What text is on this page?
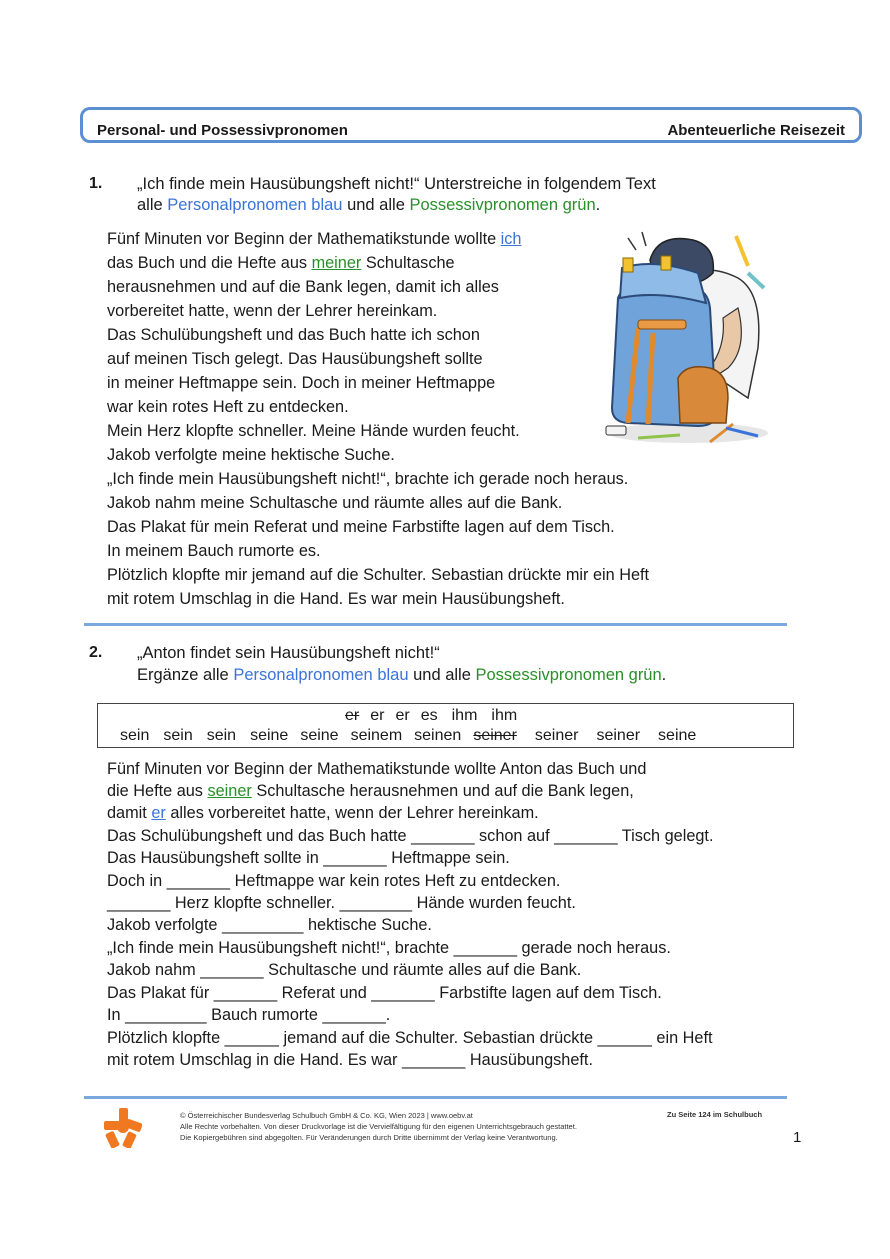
Personal- und Possessivpronomen	Abenteuerliche Reisezeit
1. „Ich finde mein Hausübungsheft nicht!“ Unterstreiche in folgendem Text
alle Personalpronomen blau und alle Possessivpronomen grün.
Fünf Minuten vor Beginn der Mathematikstunde wollte ich
das Buch und die Hefte aus meiner Schultasche
herausnehmen und auf die Bank legen, damit ich alles
vorbereitet hatte, wenn der Lehrer hereinkam.
Das Schulübungsheft und das Buch hatte ich schon
auf meinen Tisch gelegt. Das Hausübungsheft sollte
in meiner Heftmappe sein. Doch in meiner Heftmappe
war kein rotes Heft zu entdecken.
Mein Herz klopfte schneller. Meine Hände wurden feucht.
Jakob verfolgte meine hektische Suche.
„Ich finde mein Hausübungsheft nicht!“, brachte ich gerade noch heraus.
Jakob nahm meine Schultasche und räumte alles auf die Bank.
Das Plakat für mein Referat und meine Farbstifte lagen auf dem Tisch.
In meinem Bauch rumorte es.
Plötzlich klopfte mir jemand auf die Schulter. Sebastian drückte mir ein Heft
mit rotem Umschlag in die Hand. Es war mein Hausübungsheft.
2. „Anton findet sein Hausübungsheft nicht!“
Ergänze alle Personalpronomen blau und alle Possessivpronomen grün.
er er er es ihm ihm
sein sein sein seine seine seinem seinen seiner seiner seiner seine
Fünf Minuten vor Beginn der Mathematikstunde wollte Anton das Buch und
die Hefte aus seiner Schultasche herausnehmen und auf die Bank legen,
damit er alles vorbereitet hatte, wenn der Lehrer hereinkam.
Das Schulübungsheft und das Buch hatte _______ schon auf _______ Tisch gelegt.
Das Hausübungsheft sollte in _______ Heftmappe sein.
Doch in _______ Heftmappe war kein rotes Heft zu entdecken.
_______ Herz klopfte schneller. ________ Hände wurden feucht.
Jakob verfolgte _________ hektische Suche.
„Ich finde mein Hausübungsheft nicht!“, brachte _______ gerade noch heraus.
Jakob nahm _______ Schultasche und räumte alles auf die Bank.
Das Plakat für _______ Referat und _______ Farbstifte lagen auf dem Tisch.
In _________ Bauch rumorte _______.
Plötzlich klopfte ______ jemand auf die Schulter. Sebastian drückte ______ ein Heft
mit rotem Umschlag in die Hand. Es war _______ Hausübungsheft.
© Österreichischer Bundesverlag Schulbuch GmbH & Co. KG, Wien 2023 | www.oebv.at
Alle Rechte vorbehalten. Von dieser Druckvorlage ist die Vervielfältigung für den eigenen Unterrichtsgebrauch gestattet.
Die Kopiergebühren sind abgegolten. Für Veränderungen durch Dritte übernimmt der Verlag keine Verantwortung.
Zu Seite 124 im Schulbuch
1
